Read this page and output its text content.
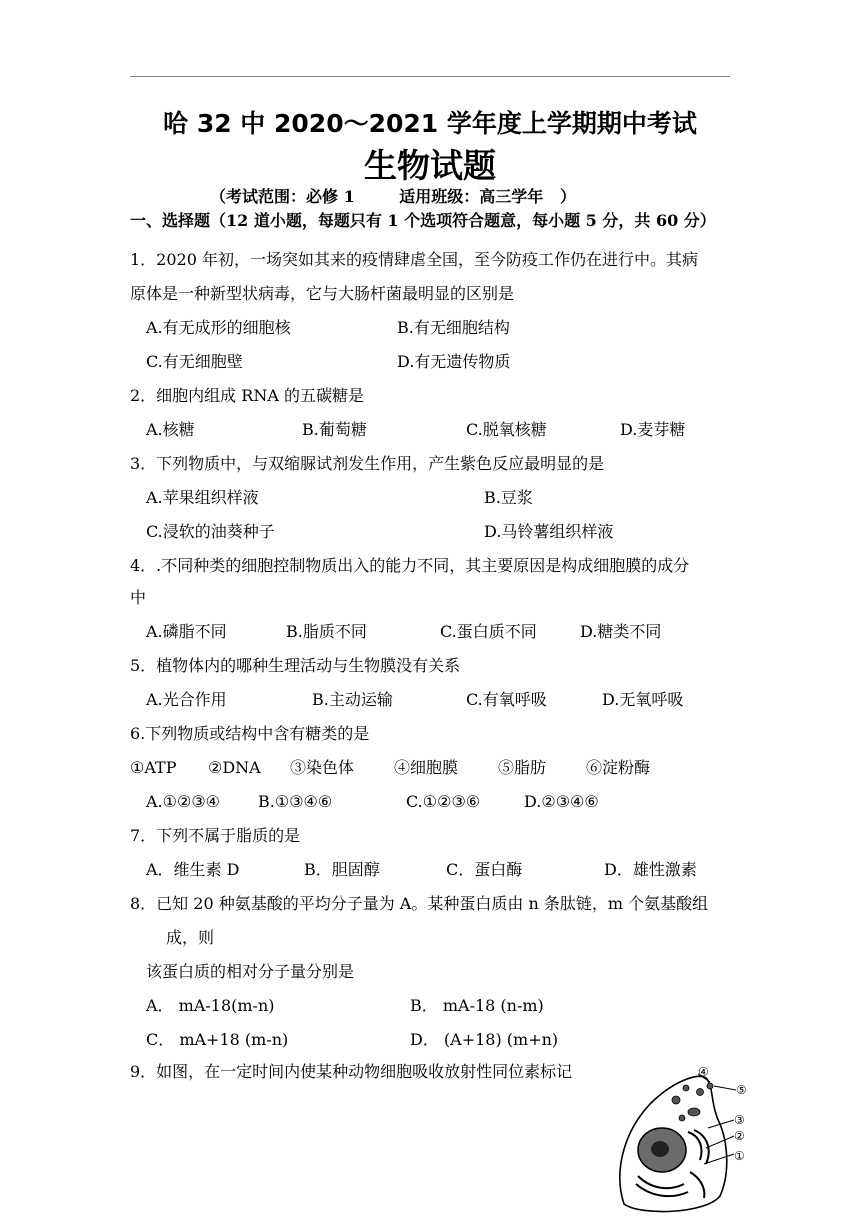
哈 32 中 2020～2021 学年度上学期期中考试
生物试题
（考试范围：必修 1        适用班级：高三学年   ）
一、选择题（12 道小题，每题只有 1 个选项符合题意，每小题 5 分，共 60 分）
1．2020 年初，一场突如其来的疫情肆虐全国，至今防疫工作仍在进行中。其病
原体是一种新型状病毒，它与大肠杆菌最明显的区别是
A.有无成形的细胞核	B.有无细胞结构
C.有无细胞壁	D.有无遗传物质
2．细胞内组成 RNA 的五碳糖是
A.核糖	B.葡萄糖	C.脱氧核糖	D.麦芽糖
3．下列物质中，与双缩脲试剂发生作用，产生紫色反应最明显的是
A.苹果组织样液	B.豆浆
C.浸软的油葵种子	D.马铃薯组织样液
4．.不同种类的细胞控制物质出入的能力不同，其主要原因是构成细胞膜的成分
中
A.磷脂不同	B.脂质不同	C.蛋白质不同	D.糖类不同
5．植物体内的哪种生理活动与生物膜没有关系
A.光合作用	B.主动运输	C.有氧呼吸	D.无氧呼吸
6.下列物质或结构中含有糖类的是
①ATP ②DNA ③染色体 ④细胞膜 ⑤脂肪 ⑥淀粉酶
A.①②③④ B.①③④⑥	C.①②③⑥	D.②③④⑥
7．下列不属于脂质的是
A．维生素 D	B．胆固醇	C．蛋白酶	D．雄性激素
8．已知 20 种氨基酸的平均分子量为 A。某种蛋白质由 n 条肽链，m 个氨基酸组
成，则
该蛋白质的相对分子量分别是
A． mA-18(m-n)	B． mA-18 (n-m)
C． mA+18 (m-n)	D． (A+18) (m+n)
9．如图，在一定时间内使某种动物细胞吸收放射性同位素标记	④
⑤
③
②
①
